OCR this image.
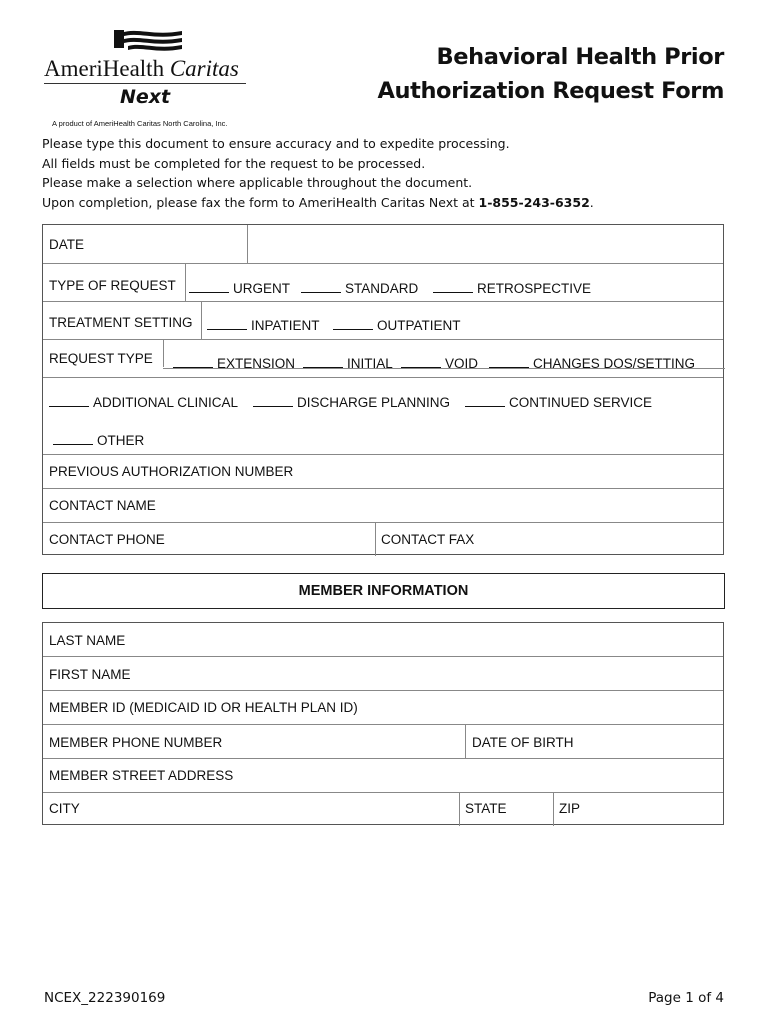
AmeriHealth Caritas
Next
A product of AmeriHealth Caritas North Carolina, Inc.
Behavioral Health Prior
Authorization Request Form
Please type this document to ensure accuracy and to expedite processing.
All fields must be completed for the request to be processed.
Please make a selection where applicable throughout the document.
Upon completion, please fax the form to AmeriHealth Caritas Next at 1-855-243-6352.
DATE
TYPE OF REQUEST	URGENT	STANDARD	RETROSPECTIVE
TREATMENT SETTING	INPATIENT	OUTPATIENT
REQUEST TYPE	EXTENSION	INITIAL	VOID	CHANGES DOS/SETTING
ADDITIONAL CLINICAL	DISCHARGE PLANNING	CONTINUED SERVICE
OTHER
PREVIOUS AUTHORIZATION NUMBER
CONTACT NAME
CONTACT PHONE	CONTACT FAX
MEMBER INFORMATION
LAST NAME
FIRST NAME
MEMBER ID (MEDICAID ID OR HEALTH PLAN ID)
MEMBER PHONE NUMBER	DATE OF BIRTH
MEMBER STREET ADDRESS
CITY	STATE	ZIP
NCEX_222390169	Page 1 of 4
